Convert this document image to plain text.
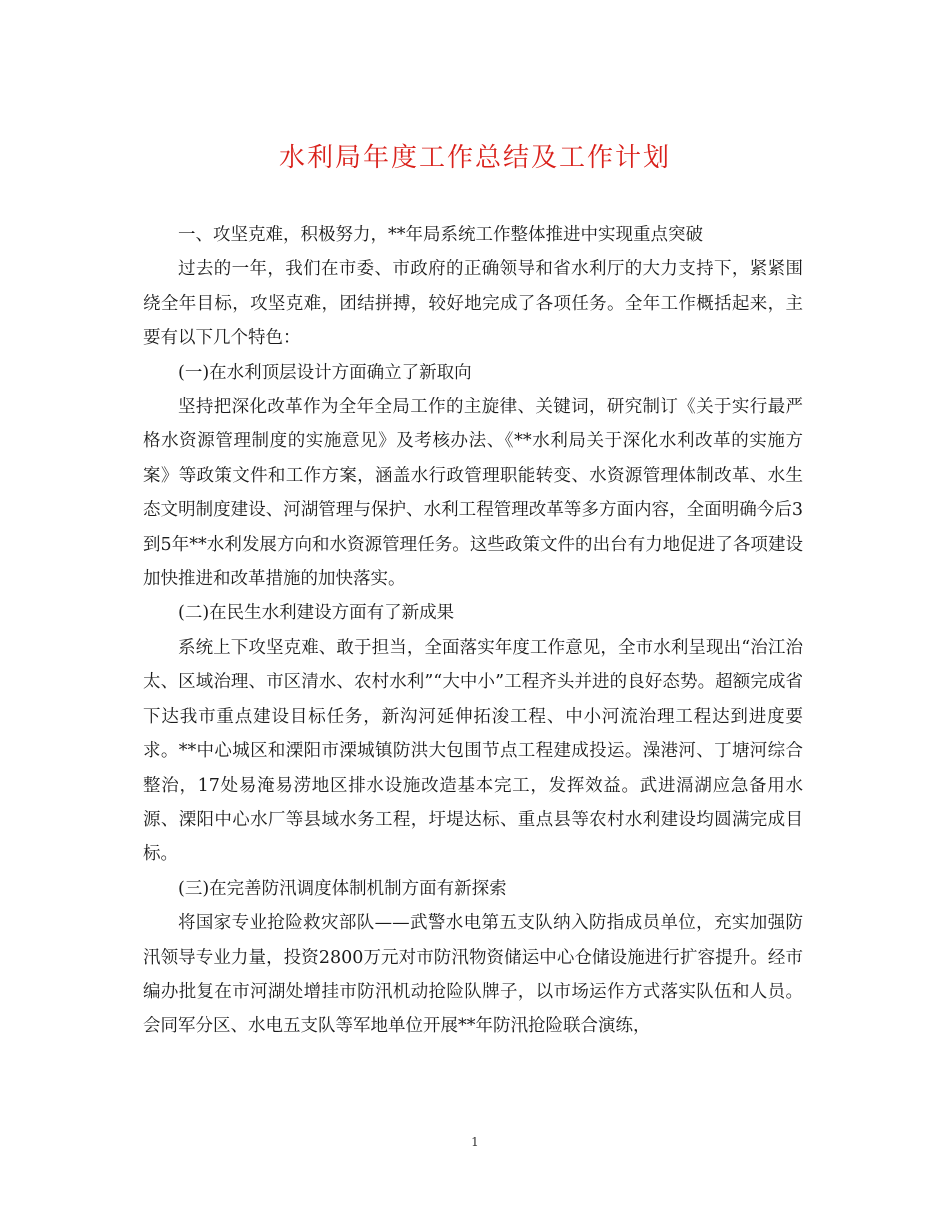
水利局年度工作总结及工作计划

一、攻坚克难，积极努力，**年局系统工作整体推进中实现重点突破

过去的一年，我们在市委、市政府的正确领导和省水利厅的大力支持下，紧紧围绕全年目标，攻坚克难，团结拼搏，较好地完成了各项任务。全年工作概括起来，主要有以下几个特色：

(一)在水利顶层设计方面确立了新取向

坚持把深化改革作为全年全局工作的主旋律、关键词，研究制订《关于实行最严格水资源管理制度的实施意见》及考核办法、《**水利局关于深化水利改革的实施方案》等政策文件和工作方案，涵盖水行政管理职能转变、水资源管理体制改革、水生态文明制度建设、河湖管理与保护、水利工程管理改革等多方面内容，全面明确今后3到5年**水利发展方向和水资源管理任务。这些政策文件的出台有力地促进了各项建设加快推进和改革措施的加快落实。

(二)在民生水利建设方面有了新成果

系统上下攻坚克难、敢于担当，全面落实年度工作意见，全市水利呈现出“治江治太、区域治理、市区清水、农村水利”“大中小”工程齐头并进的良好态势。超额完成省下达我市重点建设目标任务，新沟河延伸拓浚工程、中小河流治理工程达到进度要求。**中心城区和溧阳市溧城镇防洪大包围节点工程建成投运。澡港河、丁塘河综合整治，17处易淹易涝地区排水设施改造基本完工，发挥效益。武进滆湖应急备用水源、溧阳中心水厂等县域水务工程，圩堤达标、重点县等农村水利建设均圆满完成目标。

(三)在完善防汛调度体制机制方面有新探索

将国家专业抢险救灾部队——武警水电第五支队纳入防指成员单位，充实加强防汛领导专业力量，投资2800万元对市防汛物资储运中心仓储设施进行扩容提升。经市编办批复在市河湖处增挂市防汛机动抢险队牌子，以市场运作方式落实队伍和人员。会同军分区、水电五支队等军地单位开展**年防汛抢险联合演练，

1
